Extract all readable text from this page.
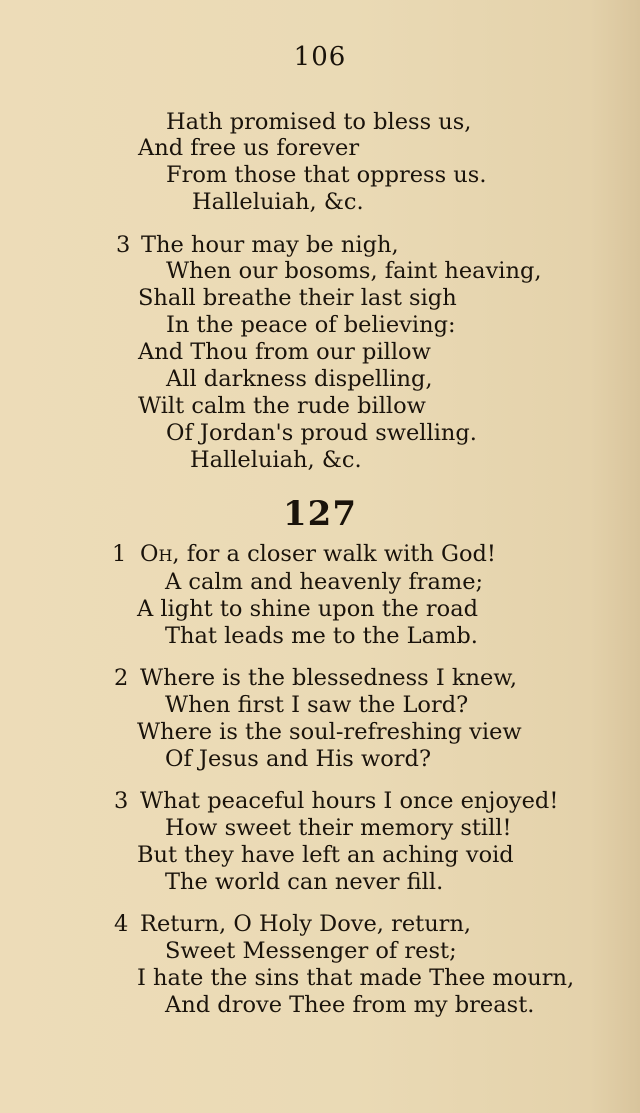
106
Hath promised to bless us,
And free us forever
From those that oppress us.
Halleluiah, &c.
3 The hour may be nigh,
When our bosoms, faint heaving,
Shall breathe their last sigh
In the peace of believing:
And Thou from our pillow
All darkness dispelling,
Wilt calm the rude billow
Of Jordan's proud swelling.
Halleluiah, &c.
127
1 Oh, for a closer walk with God!
A calm and heavenly frame;
A light to shine upon the road
That leads me to the Lamb.
2 Where is the blessedness I knew,
When first I saw the Lord?
Where is the soul-refreshing view
Of Jesus and His word?
3 What peaceful hours I once enjoyed!
How sweet their memory still!
But they have left an aching void
The world can never fill.
4 Return, O Holy Dove, return,
Sweet Messenger of rest;
I hate the sins that made Thee mourn,
And drove Thee from my breast.
